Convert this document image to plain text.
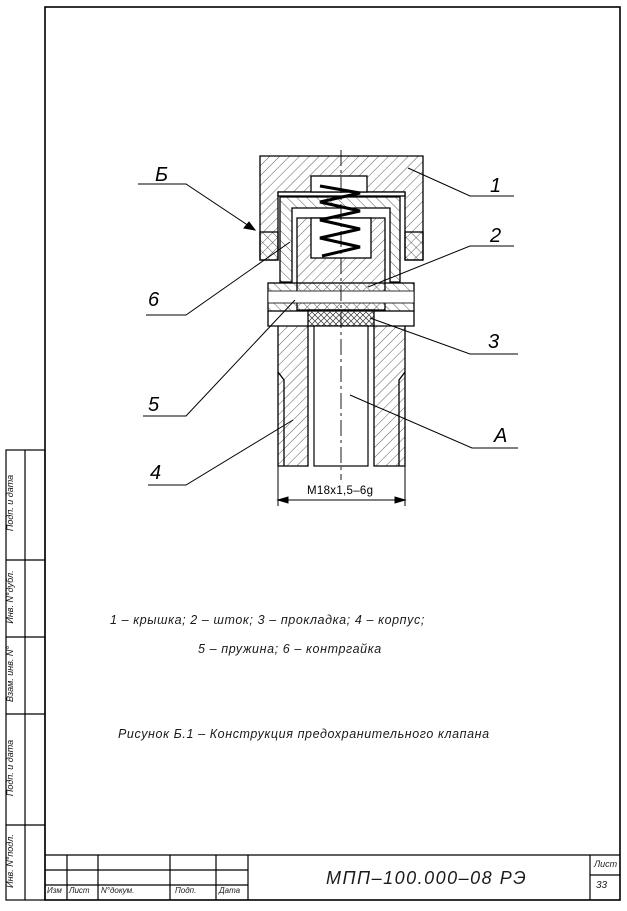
Б	1
2
6
3
5
А
4
M18x1,5–6g
1 – крышка; 2 – шток; 3 – прокладка; 4 – корпус;
5 – пружина; 6 – контргайка
Рисунок Б.1 – Конструкция предохранительного клапана
МПП–100.000–08 РЭ
Лист
33
Изм Лист N°докум.	Подп.	Дата
Подп. и дата
Инв. N°дубл.
Взам. инв. N°
Подп. и дата
Инв. N°подл.
